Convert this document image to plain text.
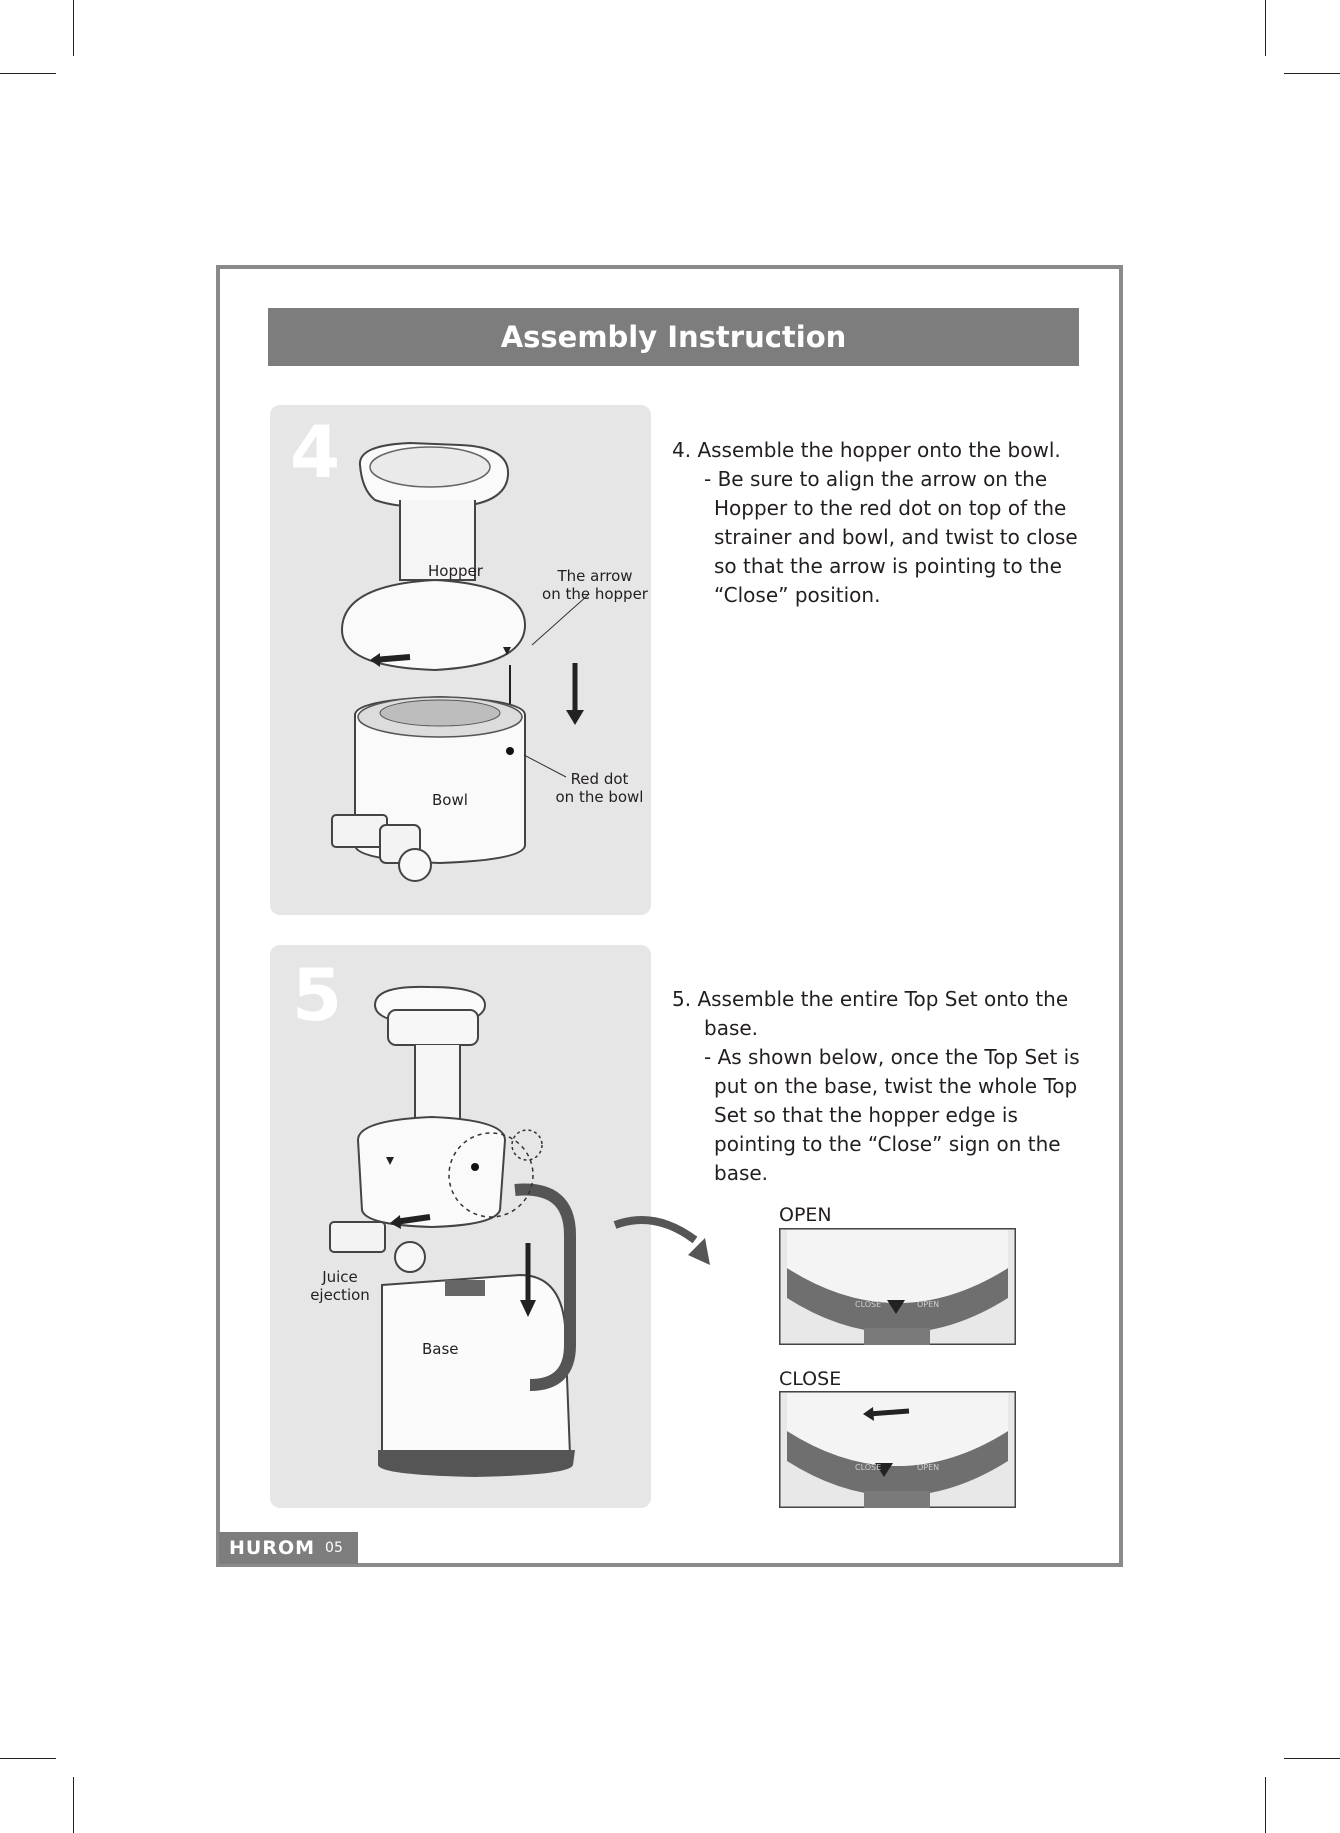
Assembly Instruction
4
Hopper	The arrow
on the hopper
Red dot
on the bowl
Bowl

4. Assemble the hopper onto the bowl.

- Be sure to align the arrow on the

Hopper to the red dot on top of the

strainer and bowl, and twist to close

so that the arrow is pointing to the

“Close” position.

5
Juice
ejection
Base

5. Assemble the entire Top Set onto the

base.

- As shown below, once the Top Set is

put on the base, twist the whole Top

Set so that the hopper edge is

pointing to the “Close” sign on the

base.

OPEN
CLOSE	OPEN
CLOSE
CLOSE	OPEN
HUROM 05
